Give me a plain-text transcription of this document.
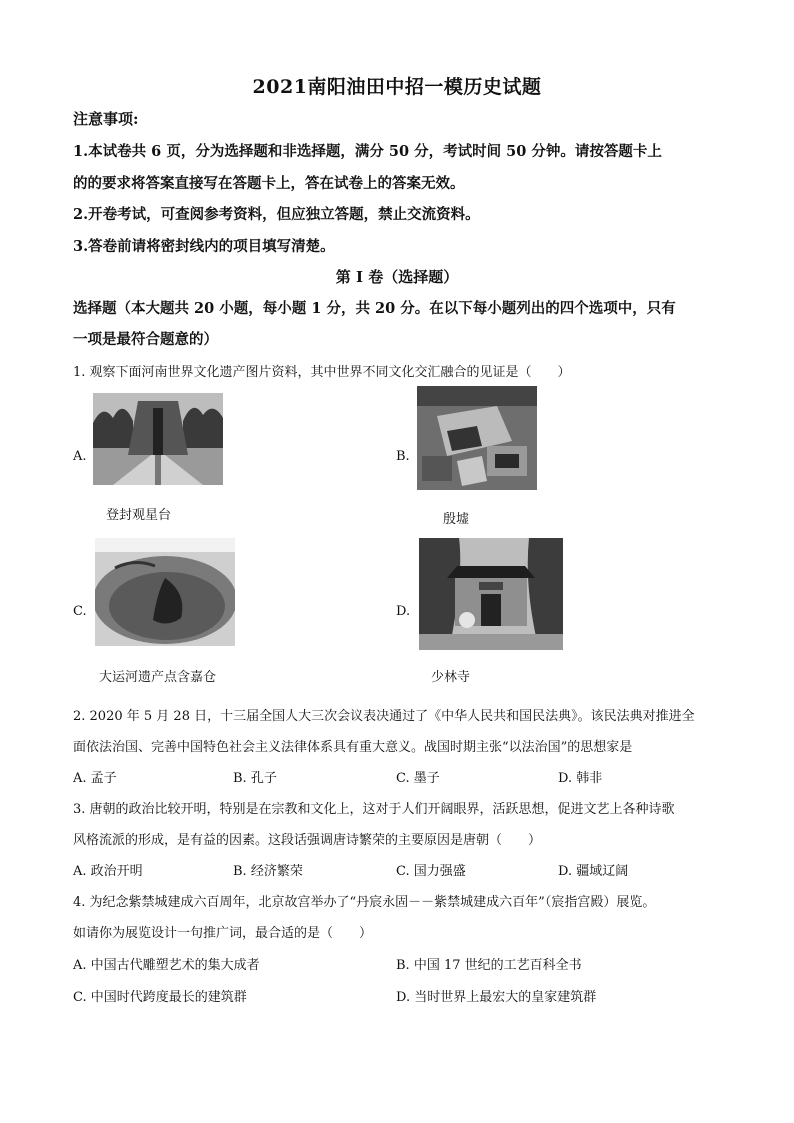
2021南阳油田中招一模历史试题
注意事项:
1.本试卷共 6 页，分为选择题和非选择题，满分 50 分，考试时间 50 分钟。请按答题卡上
的的要求将答案直接写在答题卡上，答在试卷上的答案无效。
2.开卷考试，可查阅参考资料，但应独立答题，禁止交流资料。
3.答卷前请将密封线内的项目填写清楚。
第 I 卷（选择题）
选择题（本大题共 20 小题，每小题 1 分，共 20 分。在以下每小题列出的四个选项中，只有
一项是最符合题意的）
1. 观察下面河南世界文化遗产图片资料，其中世界不同文化交汇融合的见证是（　　）
A.
登封观星台
B.
殷墟
C.
大运河遗产点含嘉仓
D.
少林寺
2. 2020 年 5 月 28 日，十三届全国人大三次会议表决通过了《中华人民共和国民法典》。该民法典对推进全
面依法治国、完善中国特色社会主义法律体系具有重大意义。战国时期主张“以法治国”的思想家是
A. 孟子	B. 孔子	C. 墨子	D. 韩非
3. 唐朝的政治比较开明，特别是在宗教和文化上，这对于人们开阔眼界，活跃思想，促进文艺上各种诗歌
风格流派的形成，是有益的因素。这段话强调唐诗繁荣的主要原因是唐朝（　　）
A. 政治开明	B. 经济繁荣	C. 国力强盛	D. 疆域辽阔
4. 为纪念紫禁城建成六百周年，北京故宫举办了“丹宸永固－－紫禁城建成六百年”（宸指宫殿）展览。
如请你为展览设计一句推广词，最合适的是（　　）
A. 中国古代雕塑艺术的集大成者	B. 中国 17 世纪的工艺百科全书
C. 中国时代跨度最长的建筑群	D. 当时世界上最宏大的皇家建筑群
